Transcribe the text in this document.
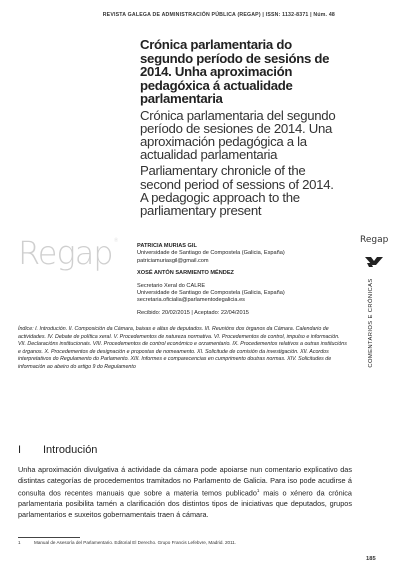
REVISTA GALEGA DE ADMINISTRACIÓN PÚBLICA (REGAP) | ISSN: 1132-8371 | Núm. 48
Crónica parlamentaria do segundo período de sesións de 2014. Unha aproximación pedagóxica á actualidade parlamentaria
Crónica parlamentaria del segundo período de sesiones de 2014. Una aproximación pedagógica a la actualidad parlamentaria
Parliamentary chronicle of the second period of sessions of 2014. A pedagogic approach to the parliamentary present
Regap®
PATRICIA MURIAS GIL
Universidade de Santiago de Compostela (Galicia, España)
patriciamuriasgil@gmail.com
XOSÉ ANTÓN SARMIENTO MÉNDEZ
Secretario Xeral do CALRE
Universidade de Santiago de Compostela (Galicia, España)
secretaria.oficialia@parlamentodegalicia.es
Recibido: 20/02/2015 | Aceptado: 22/04/2015
Regap
COMENTARIOS E CRÓNICAS
Índice: I. Introdución. II. Composición da Cámara, baixas e altas de deputados. III. Reunións dos órganos da Cámara. Calendario de actividades. IV. Debate de política xeral. V. Procedementos de natureza normativa. VI. Procedementos de control, impulso e información. VII. Declaracións institucionais. VIII. Procedementos de control económico e orzamentario. IX. Procedementos relativos a outras institucións e órganos. X. Procedementos de designación e propostas de nomeamento. XI. Solicitude de comisión da investigación. XII. Acordos interpretativos do Regulamento do Parlamento. XIII. Informes e comparecencias en cumprimento doutras normas. XIV. Solicitudes de información ao abeiro do artigo 9 do Regulamento
I Introdución
Unha aproximación divulgativa á actividade da cámara pode apoiarse nun comentario explicativo das distintas categorías de procedementos tramitados no Parlamento de Galicia. Para iso pode acudirse á consulta dos recentes manuais que sobre a materia temos publicado$^1$ mais o xénero da crónica parlamentaria posibilita tamén a clarificación dos distintos tipos de iniciativas que deputados, grupos parlamentarios e suxeitos gobernamentais traen á cámara.
1	Manual de Asesoría del Parlamentario. Editorial El Derecho. Grupo Francis Lefebvre, Madrid. 2011.
185
